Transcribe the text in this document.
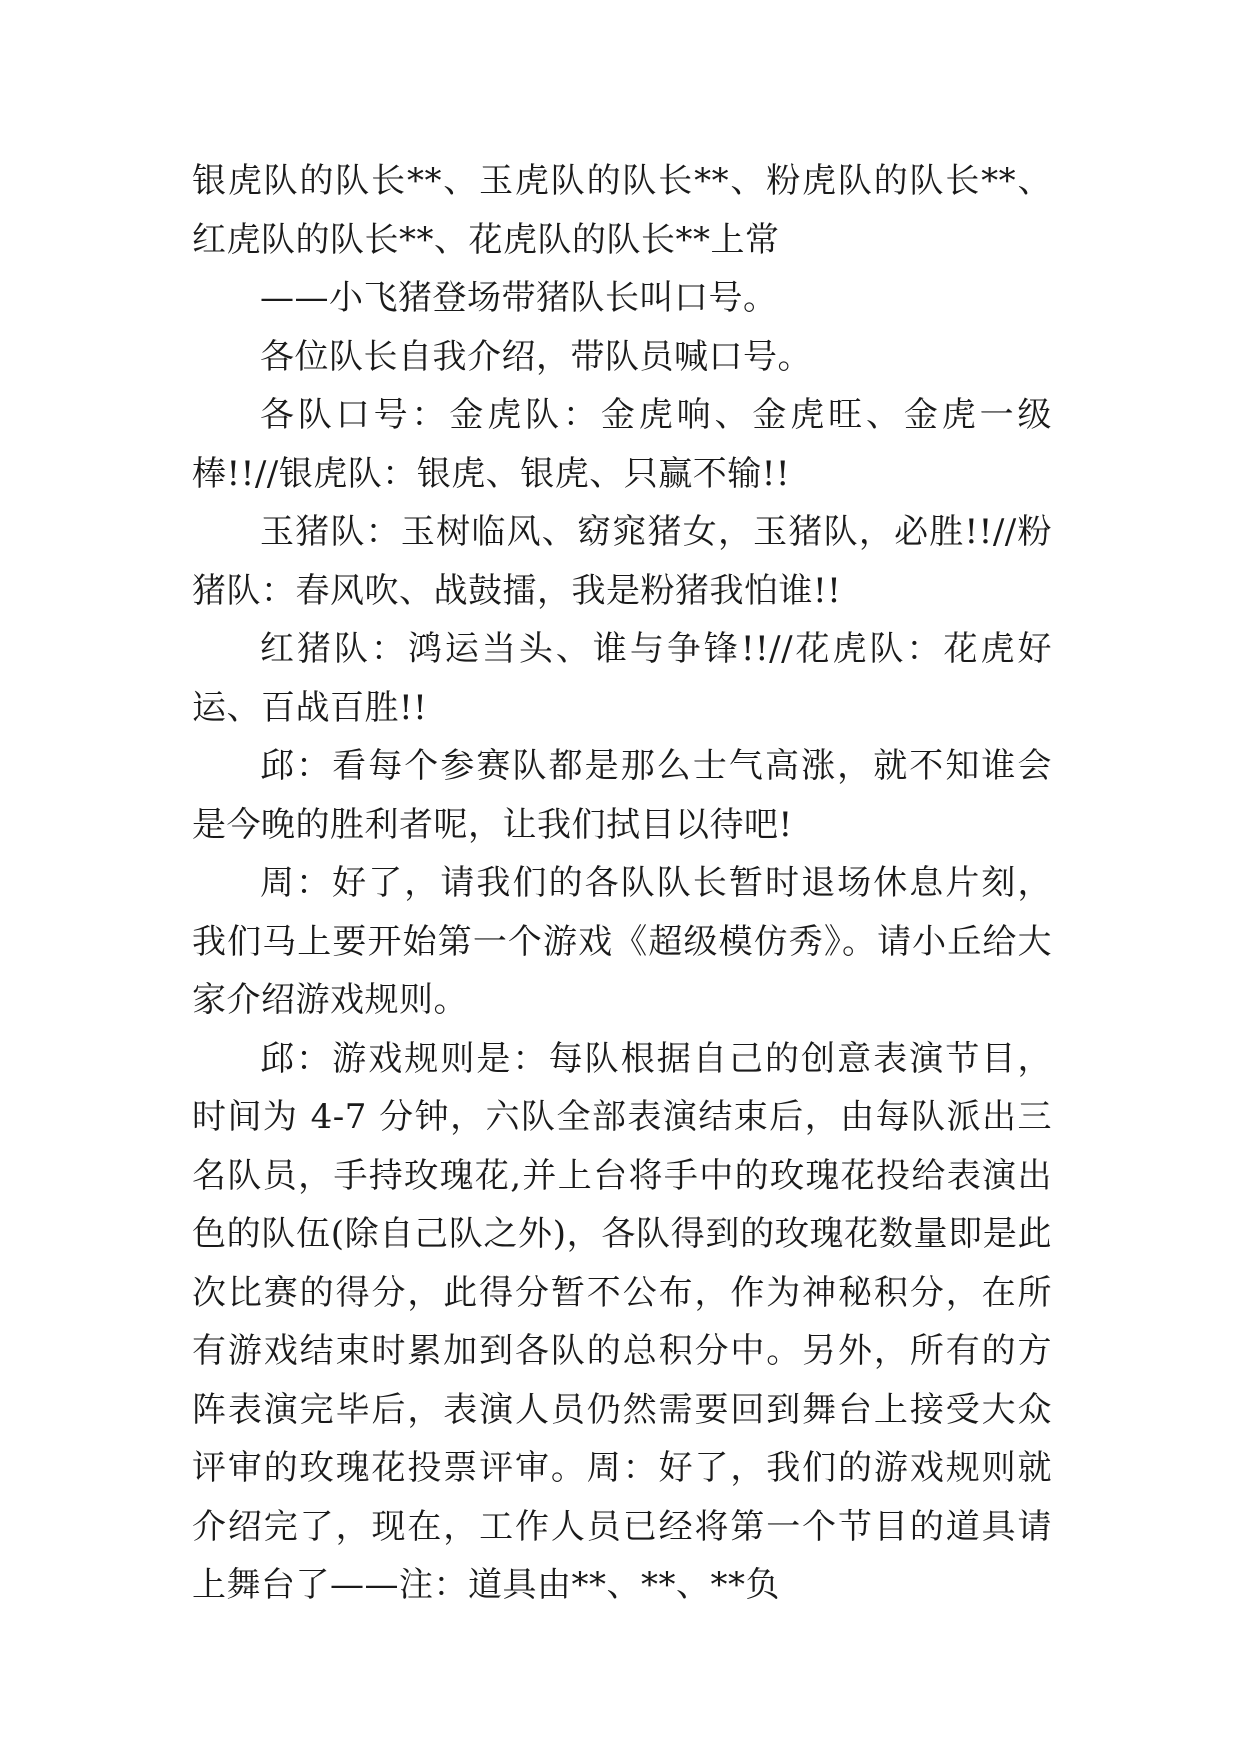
银虎队的队长**、玉虎队的队长**、粉虎队的队长**、红虎队的队长**、花虎队的队长**上常

——小飞猪登场带猪队长叫口号。

各位队长自我介绍，带队员喊口号。

各队口号：金虎队：金虎响、金虎旺、金虎一级棒!!//银虎队：银虎、银虎、只赢不输!!

玉猪队：玉树临风、窈窕猪女，玉猪队，必胜!!//粉猪队：春风吹、战鼓擂，我是粉猪我怕谁!!

红猪队：鸿运当头、谁与争锋!!//花虎队：花虎好运、百战百胜!!

邱：看每个参赛队都是那么士气高涨，就不知谁会是今晚的胜利者呢，让我们拭目以待吧!

周：好了，请我们的各队队长暂时退场休息片刻，我们马上要开始第一个游戏《超级模仿秀》。请小丘给大家介绍游戏规则。

邱：游戏规则是：每队根据自己的创意表演节目，时间为 4-7 分钟，六队全部表演结束后，由每队派出三名队员，手持玫瑰花,并上台将手中的玫瑰花投给表演出色的队伍(除自己队之外)，各队得到的玫瑰花数量即是此次比赛的得分，此得分暂不公布，作为神秘积分，在所有游戏结束时累加到各队的总积分中。另外，所有的方阵表演完毕后，表演人员仍然需要回到舞台上接受大众评审的玫瑰花投票评审。周：好了，我们的游戏规则就介绍完了，现在，工作人员已经将第一个节目的道具请上舞台了——注：道具由**、**、**负
